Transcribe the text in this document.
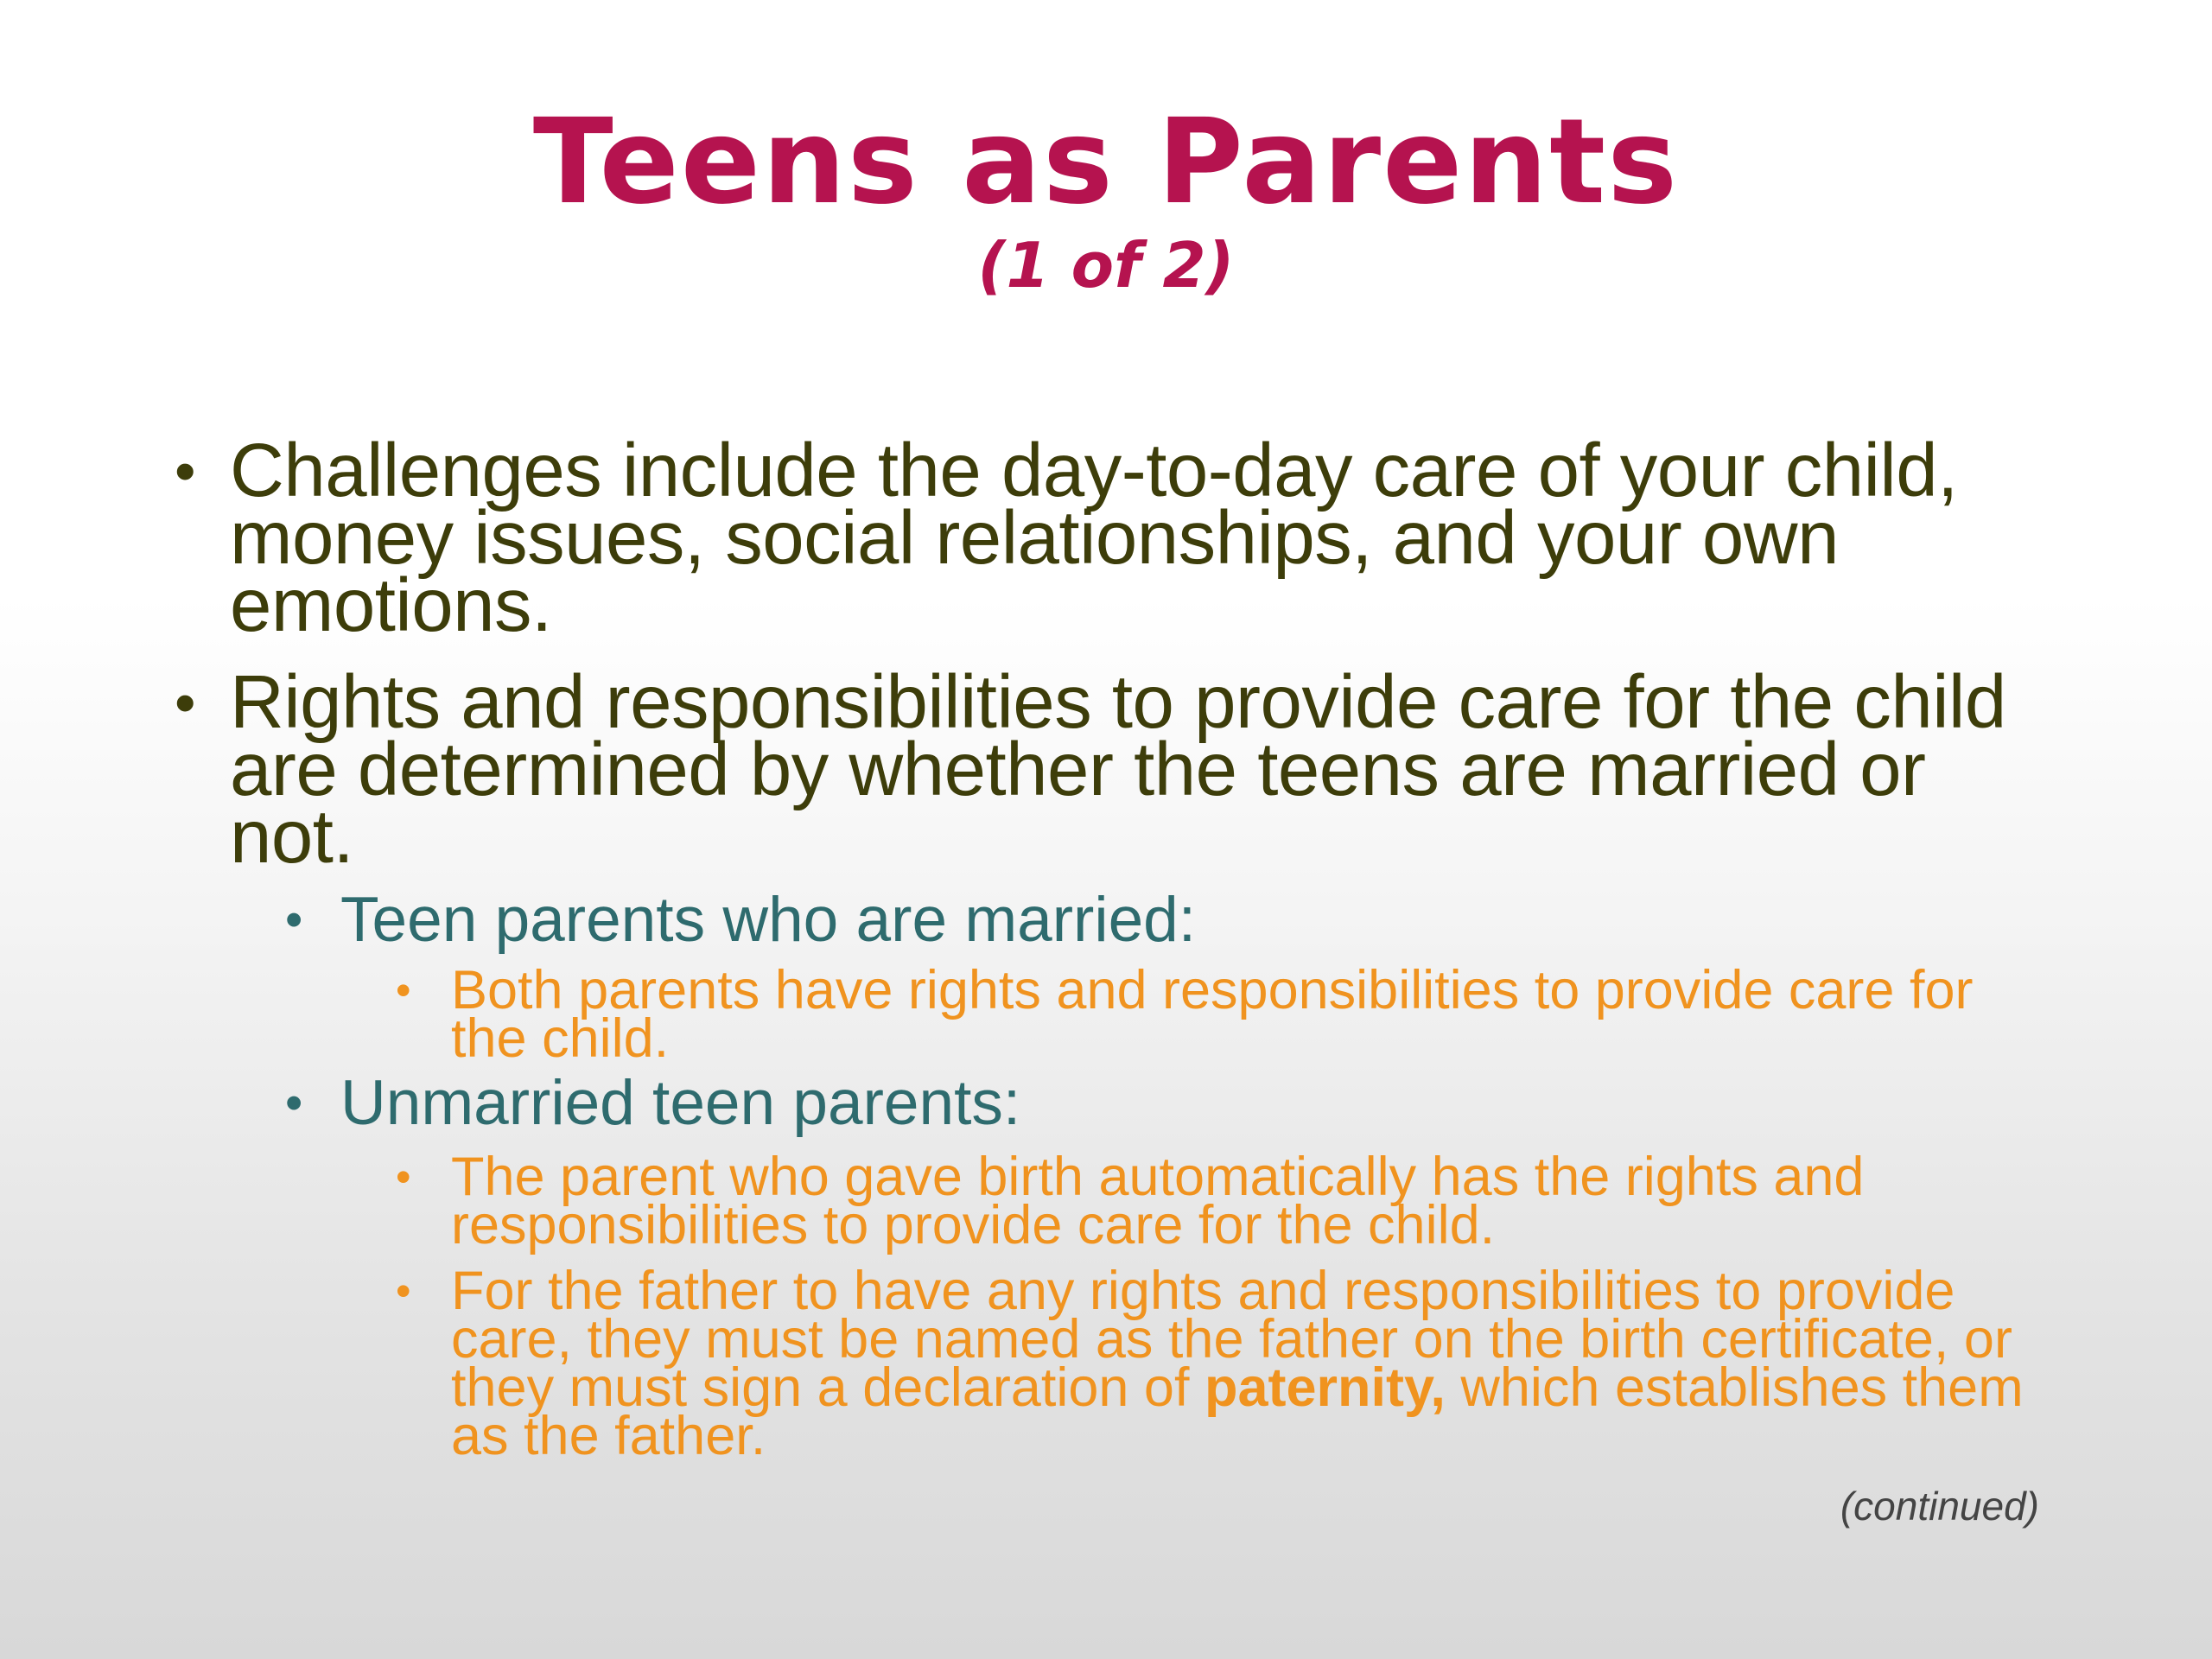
Teens as Parents
(1 of 2)
• Challenges include the day-to-day care of your child, money issues, social relationships, and your own emotions.
• Rights and responsibilities to provide care for the child are determined by whether the teens are married or not.
• Teen parents who are married:
• Both parents have rights and responsibilities to provide care for the child.
• Unmarried teen parents:
• The parent who gave birth automatically has the rights and responsibilities to provide care for the child.
• For the father to have any rights and responsibilities to provide care, they must be named as the father on the birth certificate, or they must sign a declaration of paternity, which establishes them as the father.
(continued)
